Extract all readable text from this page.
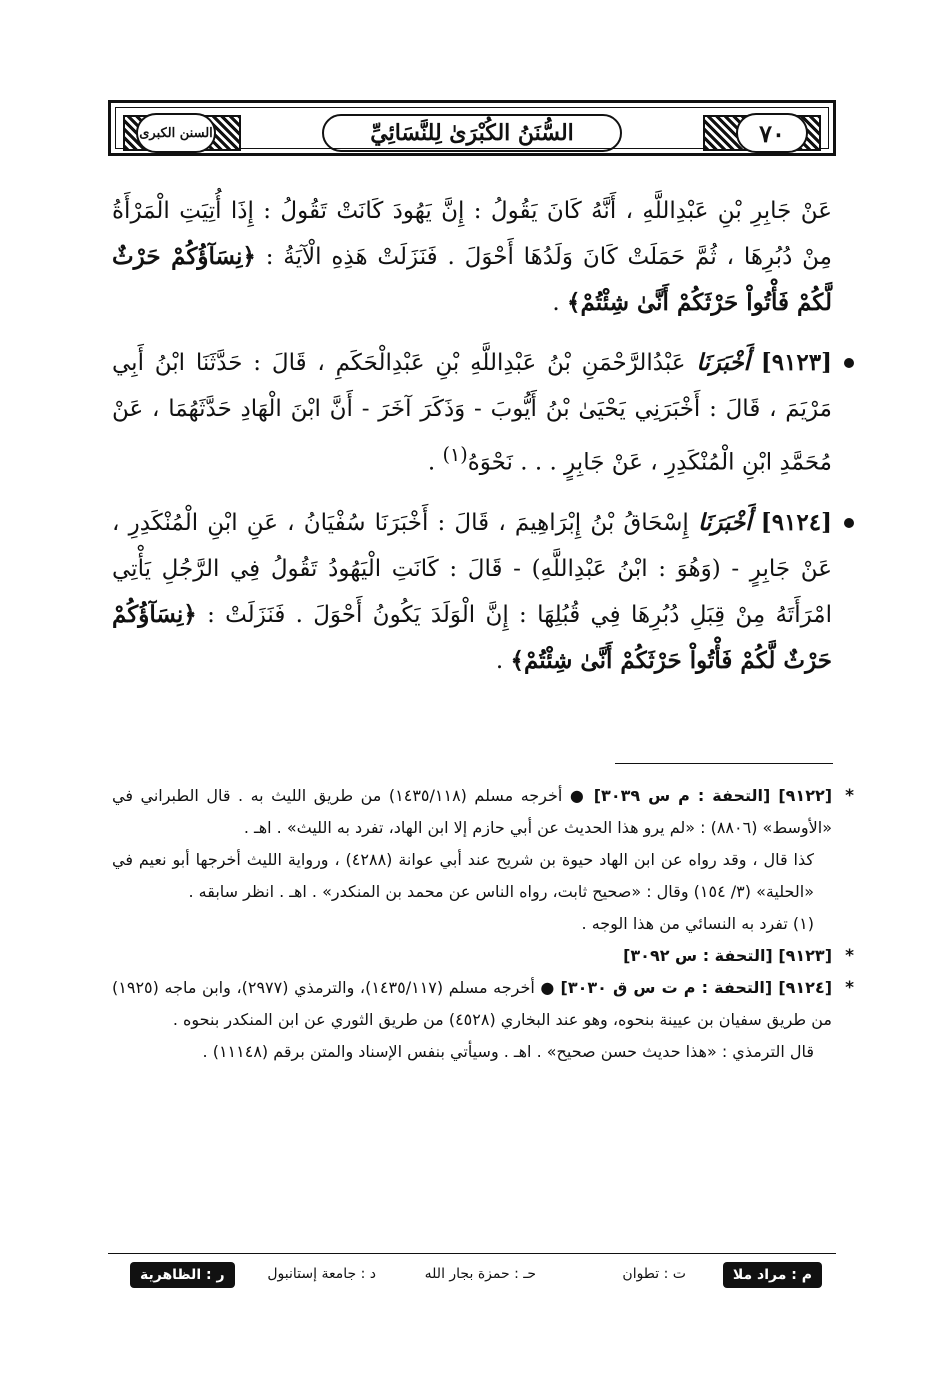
٧٠
السنن الكبرى	السُّنَنُ الكُبْرَىٰ لِلنَّسَائِيِّ

عَنْ جَابِرِ بْنِ عَبْدِاللَّهِ ، أَنَّهُ كَانَ يَقُولُ : إِنَّ يَهُودَ كَانَتْ تَقُولُ : إِذَا أُتِيَتِ الْمَرْأَةُ مِنْ دُبُرِهَا ، ثُمَّ حَمَلَتْ كَانَ وَلَدُهَا أَحْوَلَ . فَنَزَلَتْ هَذِهِ الْآيَةُ : ﴿نِسَآؤُكُمْ حَرْثٌ لَّكُمْ فَأْتُواْ حَرْثَكُمْ أَنَّىٰ شِئْتُمْ﴾ .

[٩١٢٣] أَخْبَرَنَا عَبْدُالرَّحْمَنِ بْنُ عَبْدِاللَّهِ بْنِ عَبْدِالْحَكَمِ ، قَالَ : حَدَّثَنَا ابْنُ أَبِي مَرْيَمَ ، قَالَ : أَخْبَرَنِي يَحْيَىٰ بْنُ أَيُّوبَ - وَذَكَرَ آخَرَ - أَنَّ ابْنَ الْهَادِ حَدَّثَهُمَا ، عَنْ مُحَمَّدِ ابْنِ الْمُنْكَدِرِ ، عَنْ جَابِرٍ . . . نَحْوَهُ$^{(١)}$ .

[٩١٢٤] أَخْبَرَنَا إِسْحَاقُ بْنُ إِبْرَاهِيمَ ، قَالَ : أَخْبَرَنَا سُفْيَانُ ، عَنِ ابْنِ الْمُنْكَدِرِ ، عَنْ جَابِرٍ - (وَهُوَ : ابْنُ عَبْدِاللَّهِ) - قَالَ : كَانَتِ الْيَهُودُ تَقُولُ فِي الرَّجُلِ يَأْتِي امْرَأَتَهُ مِنْ قِبَلِ دُبُرِهَا فِي قُبُلِهَا : إِنَّ الْوَلَدَ يَكُونُ أَحْوَلَ . فَنَزَلَتْ : ﴿نِسَآؤُكُمْ حَرْثٌ لَّكُمْ فَأْتُواْ حَرْثَكُمْ أَنَّىٰ شِئْتُمْ﴾ .

*
[٩١٢٢] [التحفة : م س ٣٠٣٩] ● أخرجه مسلم (١٤٣٥/١١٨) من طريق الليث به . قال الطبراني في «الأوسط» (٨٨٠٦) : «لم يرو هذا الحديث عن أبي حازم إلا ابن الهاد، تفرد به الليث» . اهـ .

كذا قال ، وقد رواه عن ابن الهاد حيوة بن شريح عند أبي عوانة (٤٢٨٨) ، ورواية الليث أخرجها أبو نعيم في «الحلية» (٣/ ١٥٤) وقال : «صحيح ثابت، رواه الناس عن محمد بن المنكدر» . اهـ . انظر سابقه .

(١) تفرد به النسائي من هذا الوجه .

*
[٩١٢٣] [التحفة : س ٣٠٩٢]

*
[٩١٢٤] [التحفة : م ت س ق ٣٠٣٠] ● أخرجه مسلم (١٤٣٥/١١٧)، والترمذي (٢٩٧٧)، وابن ماجه (١٩٢٥) من طريق سفيان بن عيينة بنحوه، وهو عند البخاري (٤٥٢٨) من طريق الثوري عن ابن المنكدر بنحوه .

قال الترمذي : «هذا حديث حسن صحيح» . اهـ . وسيأتي بنفس الإسناد والمتن برقم (١١١٤٨) .

م : مراد ملا
ت : تطوان
حـ : حمزة بجار الله
د : جامعة إستانبول
ر : الظاهرية
